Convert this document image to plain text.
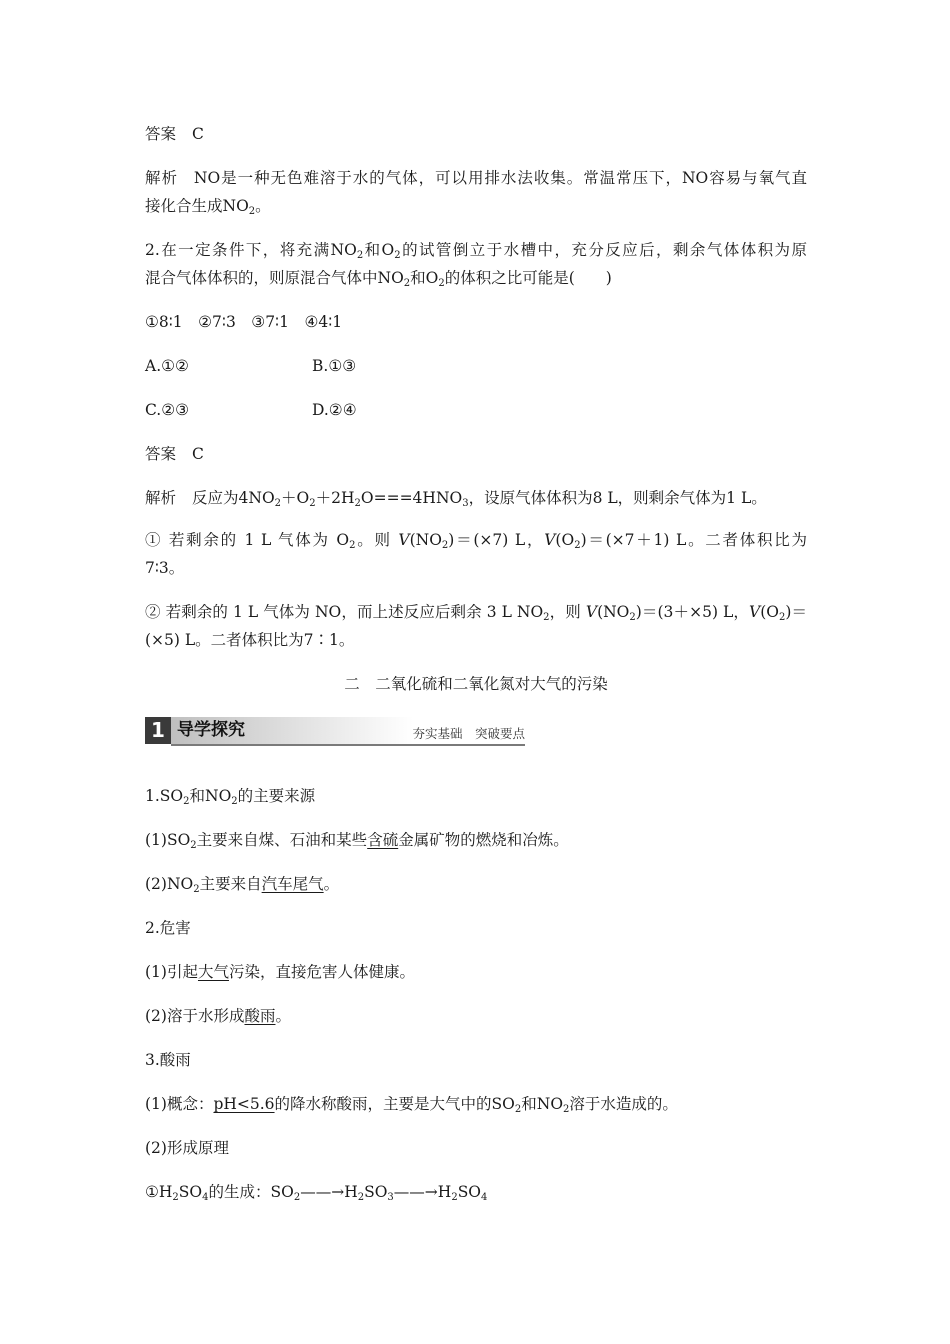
答案 C
解析 NO是一种无色难溶于水的气体，可以用排水法收集。常温常压下，NO容易与氧气直
接化合生成$NO_2$。
2.在一定条件下，将充满$NO_2$和$O_2$的试管倒立于水槽中，充分反应后，剩余气体体积为原
混合气体体积的，则原混合气体中$NO_2$和$O_2$的体积之比可能是(　　)
①8∶1　②7∶3　③7∶1　④4∶1
A.①②	B.①③
C.②③	D.②④
答案 C
解析 反应为$4NO_2+O_2+2H_2O===4HNO_3$，设原气体体积为8 L，则剩余气体为1 L。
① 若剩余的 1 L 气体为 $O_2$。则 $V(NO_2)=(\times 7)$ L，$V(O_2)=(\times 7+1)$ L。二者体积比为
7∶3。
② 若剩余的 1 L 气体为 NO，而上述反应后剩余 3 L $NO_2$，则 $V(NO_2)=(3+\times 5)$ L，$V(O_2)=$
(×5) L。二者体积比为7∶1。
二　二氧化硫和二氧化氮对大气的污染
1 导学探究	夯实基础　突破要点
$1.SO_2$和$NO_2$的主要来源
$(1)SO_2$主要来自煤、石油和某些含硫金属矿物的燃烧和冶炼。
$(2)NO_2$主要来自汽车尾气。
2.危害
(1)引起大气污染，直接危害人体健康。
(2)溶于水形成酸雨。
3.酸雨
(1)概念：pH<5.6的降水称酸雨，主要是大气中的$SO_2$和$NO_2$溶于水造成的。
(2)形成原理
$①H_2SO_4$的生成：$SO_2——\to H_2SO_3——\to H_2SO_4$
